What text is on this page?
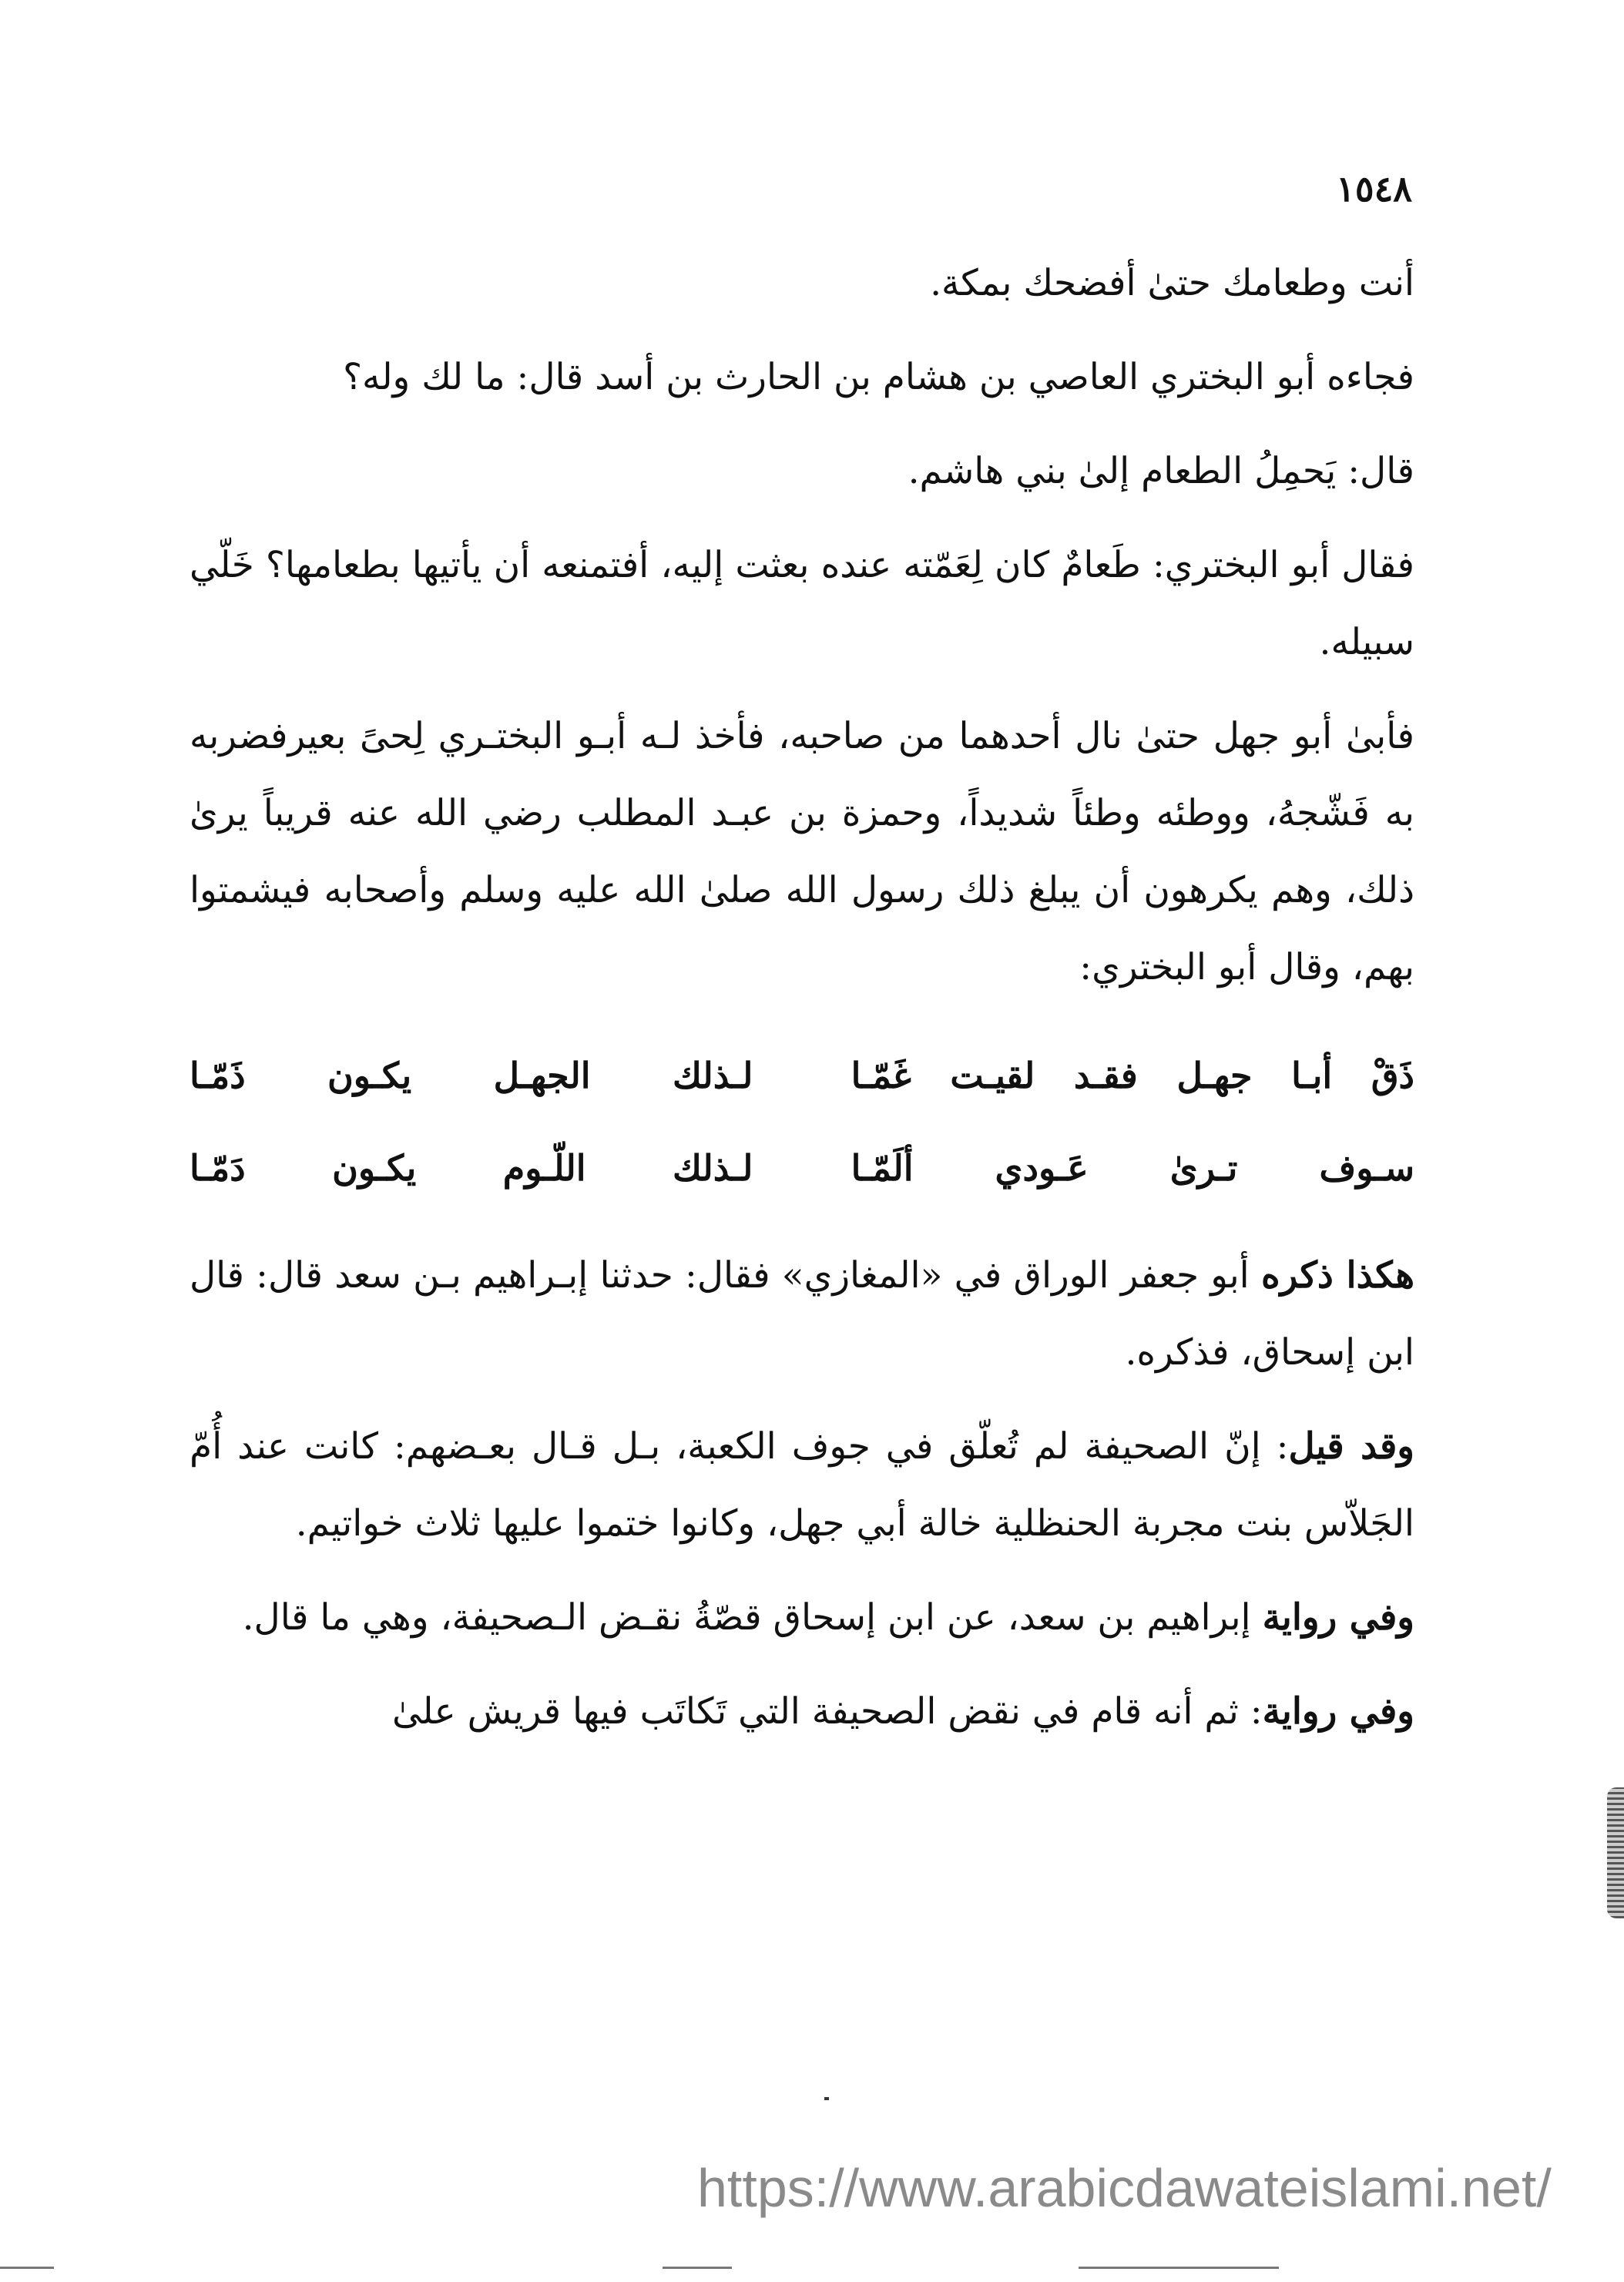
١٥٤٨

أنت وطعامك حتىٰ أفضحك بمكة.

فجاءه أبو البختري العاصي بن هشام بن الحارث بن أسد قال: ما لك وله؟

قال: يَحمِلُ الطعام إلىٰ بني هاشم.

فقال أبو البختري: طَعامٌ كان لِعَمّته عنده بعثت إليه، أفتمنعه أن يأتيها بطعامها؟ خَلّي سبيله.

فأبىٰ أبو جهل حتىٰ نال أحدهما من صاحبه، فأخذ لـه أبـو البختـري لِحىً بعيرفضربه به فَشّجهُ، ووطئه وطئاً شديداً، وحمزة بن عبـد المطلب رضي الله عنه قريباً يرىٰ ذلك، وهم يكرهون أن يبلغ ذلك رسول الله صلىٰ الله عليه وسلم وأصحابه فيشمتوا بهم، وقال أبو البختري:

ذَقْ أبـا جهـل فقـد لقيـت غَمّـا
لـذلك الجهـل يكـون ذَمّـا
سـوف تـرىٰ عَـودي ألَمّـا
لـذلك اللّـوم يكـون دَمّـا

هكذا ذكره أبو جعفر الوراق في «المغازي» فقال: حدثنا إبـراهيم بـن سعد قال: قال ابن إسحاق، فذكره.

وقد قيل: إنّ الصحيفة لم تُعلّق في جوف الكعبة، بـل قـال بعـضهم: كانت عند أُمّ الجَلاّس بنت مجربة الحنظلية خالة أبي جهل، وكانوا ختموا عليها ثلاث خواتيم.

وفي رواية إبراهيم بن سعد، عن ابن إسحاق قصّةُ نقـض الـصحيفة، وهي ما قال.

وفي رواية: ثم أنه قام في نقض الصحيفة التي تَكاتَب فيها قريش علىٰ

https://www.arabicdawateislami.net/
